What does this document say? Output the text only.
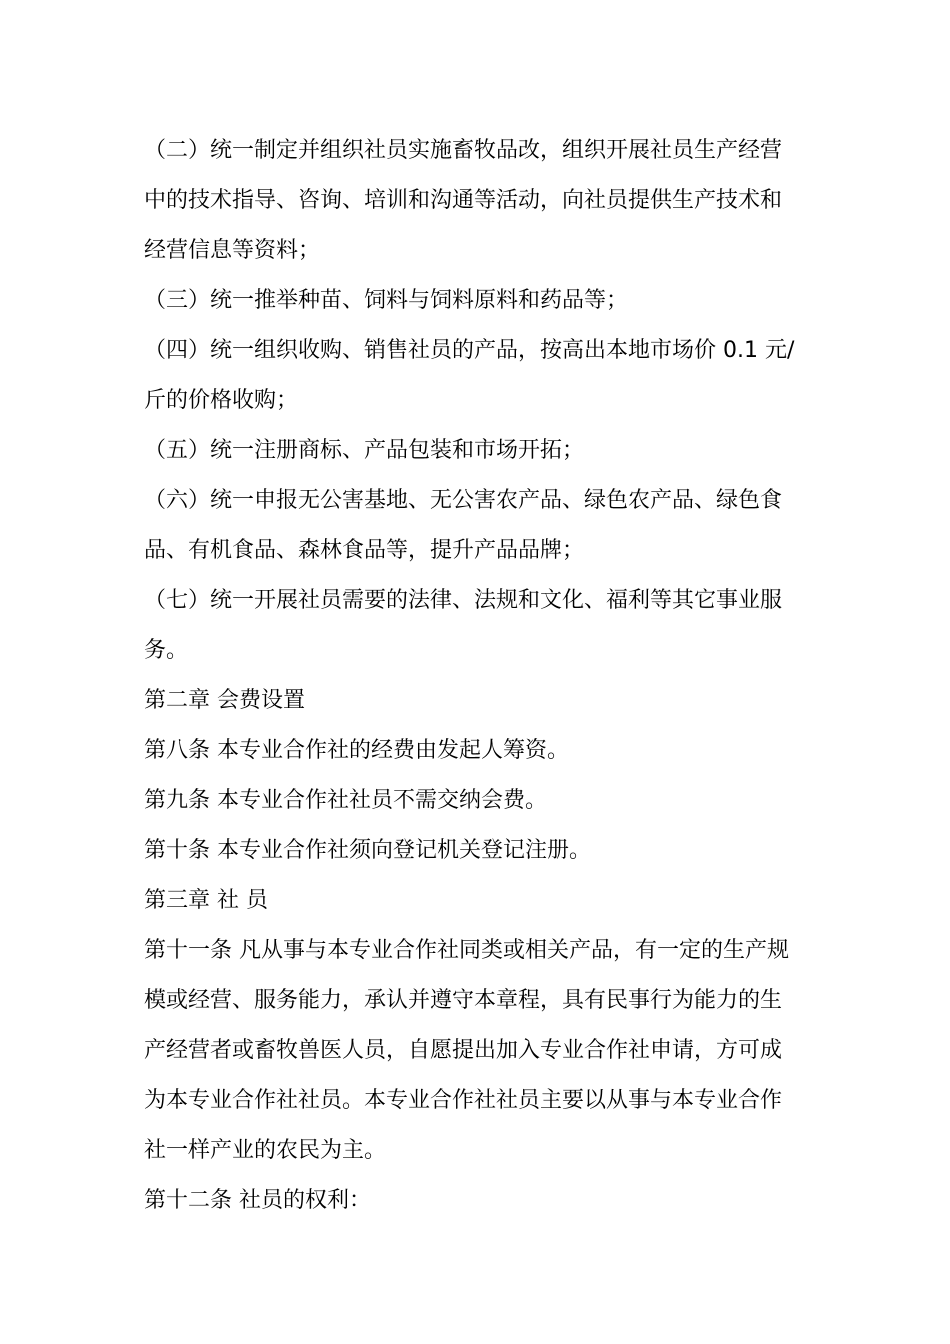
（二）统一制定并组织社员实施畜牧品改，组织开展社员生产经营
中的技术指导、咨询、培训和沟通等活动，向社员提供生产技术和
经营信息等资料；
（三）统一推举种苗、饲料与饲料原料和药品等；
（四）统一组织收购、销售社员的产品，按高出本地市场价 0.1 元/
斤的价格收购；
（五）统一注册商标、产品包装和市场开拓；
（六）统一申报无公害基地、无公害农产品、绿色农产品、绿色食
品、有机食品、森林食品等，提升产品品牌；
（七）统一开展社员需要的法律、法规和文化、福利等其它事业服
务。
第二章 会费设置
第八条 本专业合作社的经费由发起人筹资。
第九条 本专业合作社社员不需交纳会费。
第十条 本专业合作社须向登记机关登记注册。
第三章 社 员
第十一条 凡从事与本专业合作社同类或相关产品，有一定的生产规
模或经营、服务能力，承认并遵守本章程，具有民事行为能力的生
产经营者或畜牧兽医人员，自愿提出加入专业合作社申请，方可成
为本专业合作社社员。本专业合作社社员主要以从事与本专业合作
社一样产业的农民为主。
第十二条 社员的权利：
